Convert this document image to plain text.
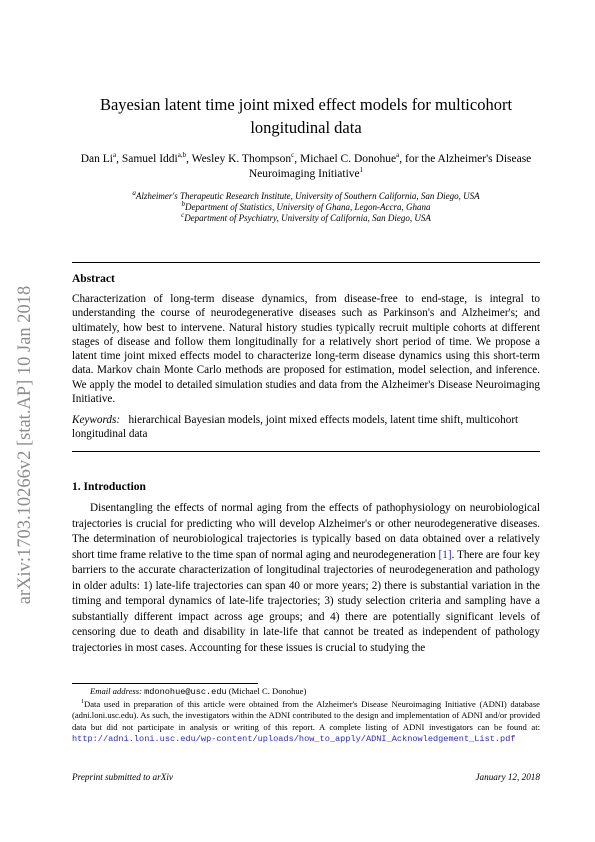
arXiv:1703.10266v2 [stat.AP] 10 Jan 2018
Bayesian latent time joint mixed effect models for multicohort longitudinal data
Dan Li$^a$, Samuel Iddi$^{a,b}$, Wesley K. Thompson$^c$, Michael C. Donohue$^a$, for the Alzheimer's Disease Neuroimaging Initiative$^1$
$^a$Alzheimer's Therapeutic Research Institute, University of Southern California, San Diego, USA
$^b$Department of Statistics, University of Ghana, Legon-Accra, Ghana
$^c$Department of Psychiatry, University of California, San Diego, USA
Abstract
Characterization of long-term disease dynamics, from disease-free to end-stage, is integral to understanding the course of neurodegenerative diseases such as Parkinson's and Alzheimer's; and ultimately, how best to intervene. Natural history studies typically recruit multiple cohorts at different stages of disease and follow them longitudinally for a relatively short period of time. We propose a latent time joint mixed effects model to characterize long-term disease dynamics using this short-term data. Markov chain Monte Carlo methods are proposed for estimation, model selection, and inference. We apply the model to detailed simulation studies and data from the Alzheimer's Disease Neuroimaging Initiative.
Keywords: hierarchical Bayesian models, joint mixed effects models, latent time shift, multicohort longitudinal data
1. Introduction
Disentangling the effects of normal aging from the effects of pathophysiology on neurobiological trajectories is crucial for predicting who will develop Alzheimer's or other neurodegenerative diseases. The determination of neurobiological trajectories is typically based on data obtained over a relatively short time frame relative to the time span of normal aging and neurodegeneration [1]. There are four key barriers to the accurate characterization of longitudinal trajectories of neurodegeneration and pathology in older adults: 1) late-life trajectories can span 40 or more years; 2) there is substantial variation in the timing and temporal dynamics of late-life trajectories; 3) study selection criteria and sampling have a substantially different impact across age groups; and 4) there are potentially significant levels of censoring due to death and disability in late-life that cannot be treated as independent of pathology trajectories in most cases. Accounting for these issues is crucial to studying the
Email address: mdonohue@usc.edu (Michael C. Donohue)
$^1$Data used in preparation of this article were obtained from the Alzheimer's Disease Neuroimaging Initiative (ADNI) database (adni.loni.usc.edu). As such, the investigators within the ADNI contributed to the design and implementation of ADNI and/or provided data but did not participate in analysis or writing of this report. A complete listing of ADNI investigators can be found at: http://adni.loni.usc.edu/wp-content/uploads/how_to_apply/ADNI_Acknowledgement_List.pdf
Preprint submitted to arXiv	January 12, 2018
